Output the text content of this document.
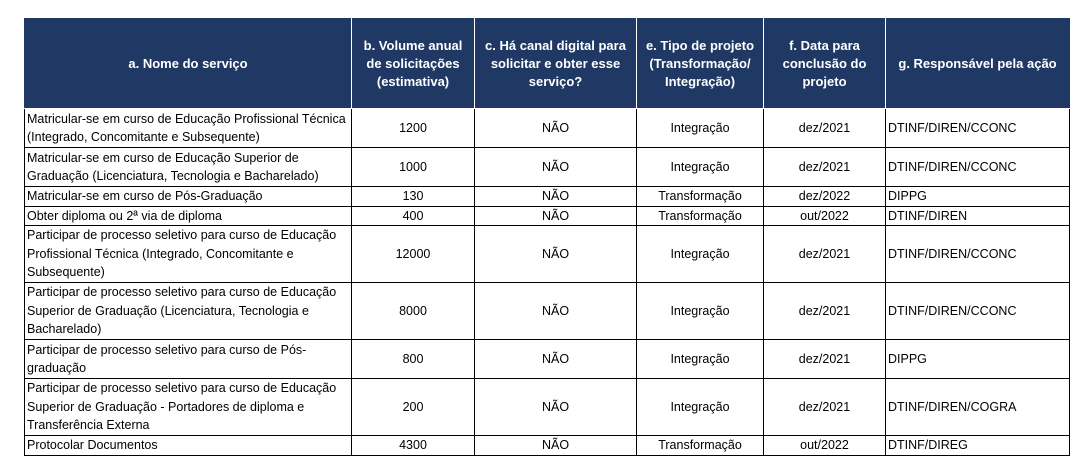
a. Nome do serviço	b. Volume anual de solicitações (estimativa)	c. Há canal digital para solicitar e obter esse serviço?	e. Tipo de projeto (Transformação/ Integração)	f. Data para conclusão do projeto	g. Responsável pela ação
Matricular-se em curso de Educação Profissional Técnica (Integrado, Concomitante e Subsequente)	1200	NÃO	Integração	dez/2021	DTINF/DIREN/CCONC
Matricular-se em curso de Educação Superior de Graduação (Licenciatura, Tecnologia e Bacharelado)	1000	NÃO	Integração	dez/2021	DTINF/DIREN/CCONC
Matricular-se em curso de Pós-Graduação	130	NÃO	Transformação	dez/2022	DIPPG
Obter diploma ou 2ª via de diploma	400	NÃO	Transformação	out/2022	DTINF/DIREN
Participar de processo seletivo para curso de Educação Profissional Técnica (Integrado, Concomitante e Subsequente)	12000	NÃO	Integração	dez/2021	DTINF/DIREN/CCONC
Participar de processo seletivo para curso de Educação Superior de Graduação (Licenciatura, Tecnologia e Bacharelado)	8000	NÃO	Integração	dez/2021	DTINF/DIREN/CCONC
Participar de processo seletivo para curso de Pós-graduação	800	NÃO	Integração	dez/2021	DIPPG
Participar de processo seletivo para curso de Educação Superior de Graduação - Portadores de diploma e Transferência Externa	200	NÃO	Integração	dez/2021	DTINF/DIREN/COGRA
Protocolar Documentos	4300	NÃO	Transformação	out/2022	DTINF/DIREG
